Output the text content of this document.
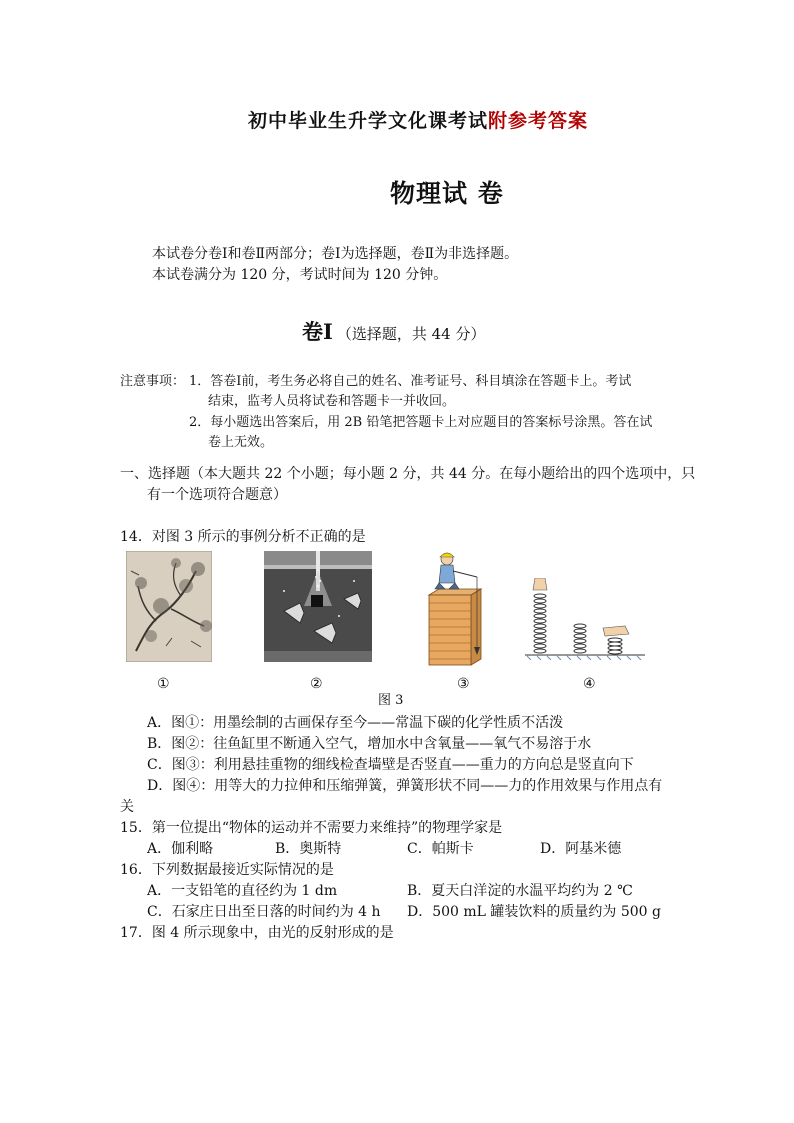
初中毕业生升学文化课考试附参考答案
物理试 卷
本试卷分卷Ⅰ和卷Ⅱ两部分；卷Ⅰ为选择题，卷Ⅱ为非选择题。
本试卷满分为 120 分，考试时间为 120 分钟。
卷Ⅰ （选择题，共 44 分）
注意事项： 1．答卷Ⅰ前，考生务必将自己的姓名、准考证号、科目填涂在答题卡上。考试
结束，监考人员将试卷和答题卡一并收回。
2．每小题选出答案后，用 2B 铅笔把答题卡上对应题目的答案标号涂黑。答在试
卷上无效。
一、选择题（本大题共 22 个小题；每小题 2 分，共 44 分。在每小题给出的四个选项中，只
有一个选项符合题意）
14．对图 3 所示的事例分析不正确的是
①	②	③	④
图 3
A．图①：用墨绘制的古画保存至今——常温下碳的化学性质不活泼
B．图②：往鱼缸里不断通入空气，增加水中含氧量——氧气不易溶于水
C．图③：利用悬挂重物的细线检查墙壁是否竖直——重力的方向总是竖直向下
D．图④：用等大的力拉伸和压缩弹簧，弹簧形状不同——力的作用效果与作用点有
关
15．第一位提出“物体的运动并不需要力来维持”的物理学家是
A．伽利略	B．奥斯特	C．帕斯卡	D．阿基米德
16．下列数据最接近实际情况的是
A．一支铅笔的直径约为 1 dm	B．夏天白洋淀的水温平均约为 2 ℃
C．石家庄日出至日落的时间约为 4 h D．500 mL 罐装饮料的质量约为 500 g
17．图 4 所示现象中，由光的反射形成的是
